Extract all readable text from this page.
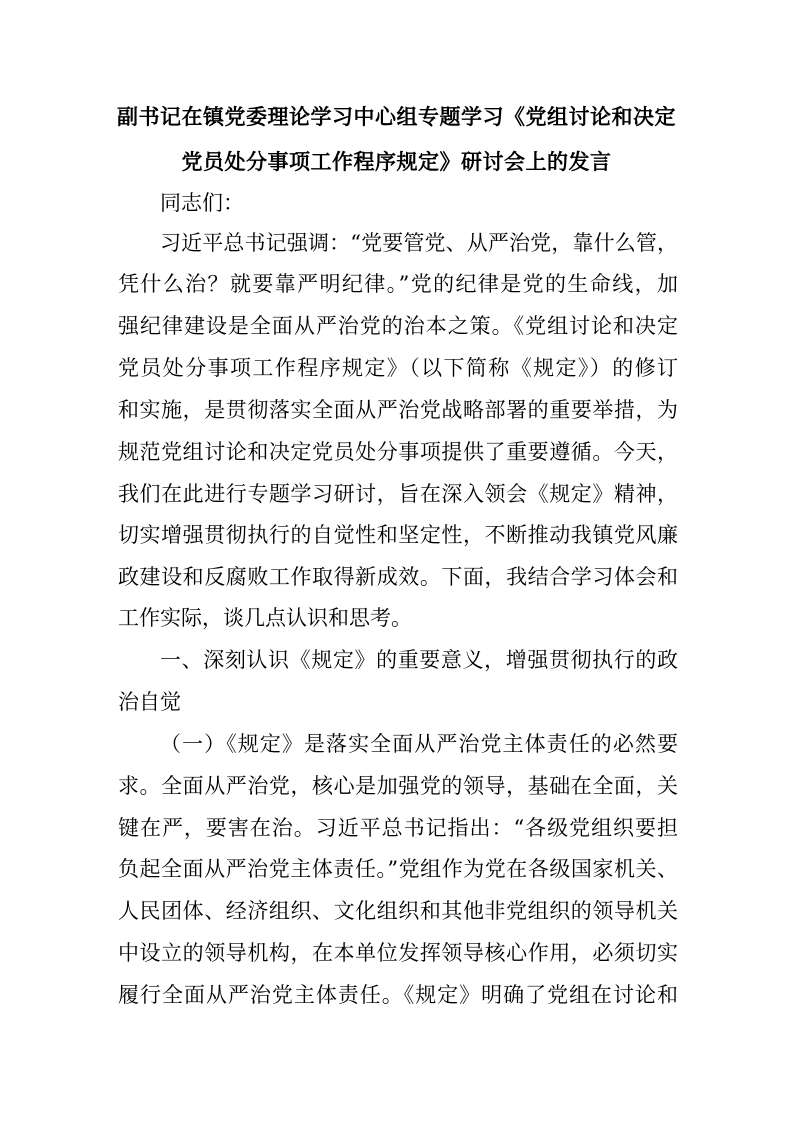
副书记在镇党委理论学习中心组专题学习《党组讨论和决定
党员处分事项工作程序规定》研讨会上的发言
同志们：
习近平总书记强调：“党要管党、从严治党，靠什么管，
凭什么治？就要靠严明纪律。”党的纪律是党的生命线，加
强纪律建设是全面从严治党的治本之策。《党组讨论和决定
党员处分事项工作程序规定》（以下简称《规定》）的修订
和实施，是贯彻落实全面从严治党战略部署的重要举措，为
规范党组讨论和决定党员处分事项提供了重要遵循。今天，
我们在此进行专题学习研讨，旨在深入领会《规定》精神，
切实增强贯彻执行的自觉性和坚定性，不断推动我镇党风廉
政建设和反腐败工作取得新成效。下面，我结合学习体会和
工作实际，谈几点认识和思考。
一、深刻认识《规定》的重要意义，增强贯彻执行的政
治自觉
（一）《规定》是落实全面从严治党主体责任的必然要
求。全面从严治党，核心是加强党的领导，基础在全面，关
键在严，要害在治。习近平总书记指出：“各级党组织要担
负起全面从严治党主体责任。”党组作为党在各级国家机关、
人民团体、经济组织、文化组织和其他非党组织的领导机关
中设立的领导机构，在本单位发挥领导核心作用，必须切实
履行全面从严治党主体责任。《规定》明确了党组在讨论和
